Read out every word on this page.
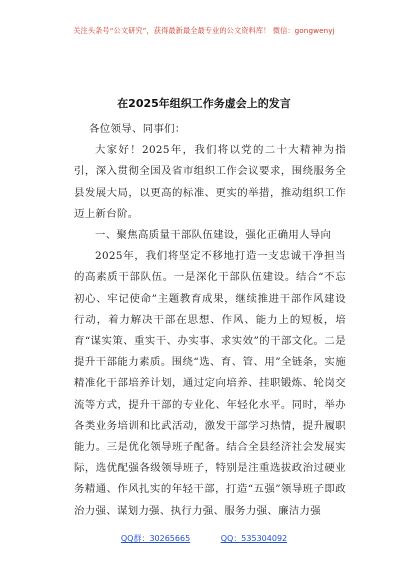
关注头条号“公文研究”，获得最新最全最专业的公文资料库！ 微信：gongwenyj
在2025年组织工作务虚会上的发言

各位领导、同事们：

大家好！2025年，我们将以党的二十大精神为指引，深入贯彻全国及省市组织工作会议要求，围绕服务全县发展大局，以更高的标准、更实的举措，推动组织工作迈上新台阶。

一、聚焦高质量干部队伍建设，强化正确用人导向

2025年，我们将坚定不移地打造一支忠诚干净担当的高素质干部队伍。一是深化干部队伍建设。结合“不忘初心、牢记使命”主题教育成果，继续推进干部作风建设行动，着力解决干部在思想、作风、能力上的短板，培育“谋实策、重实干、办实事、求实效”的干部文化。二是提升干部能力素质。围绕“选、育、管、用”全链条，实施精准化干部培养计划，通过定向培养、挂职锻炼、轮岗交流等方式，提升干部的专业化、年轻化水平。同时，举办各类业务培训和比武活动，激发干部学习热情，提升履职能力。三是优化领导班子配备。结合全县经济社会发展实际，选优配强各级领导班子，特别是注重选拔政治过硬业务精通、作风扎实的年轻干部，打造“五强”领导班子即政治力强、谋划力强、执行力强、服务力强、廉洁力强

QQ群：30265665	QQ：535304092
